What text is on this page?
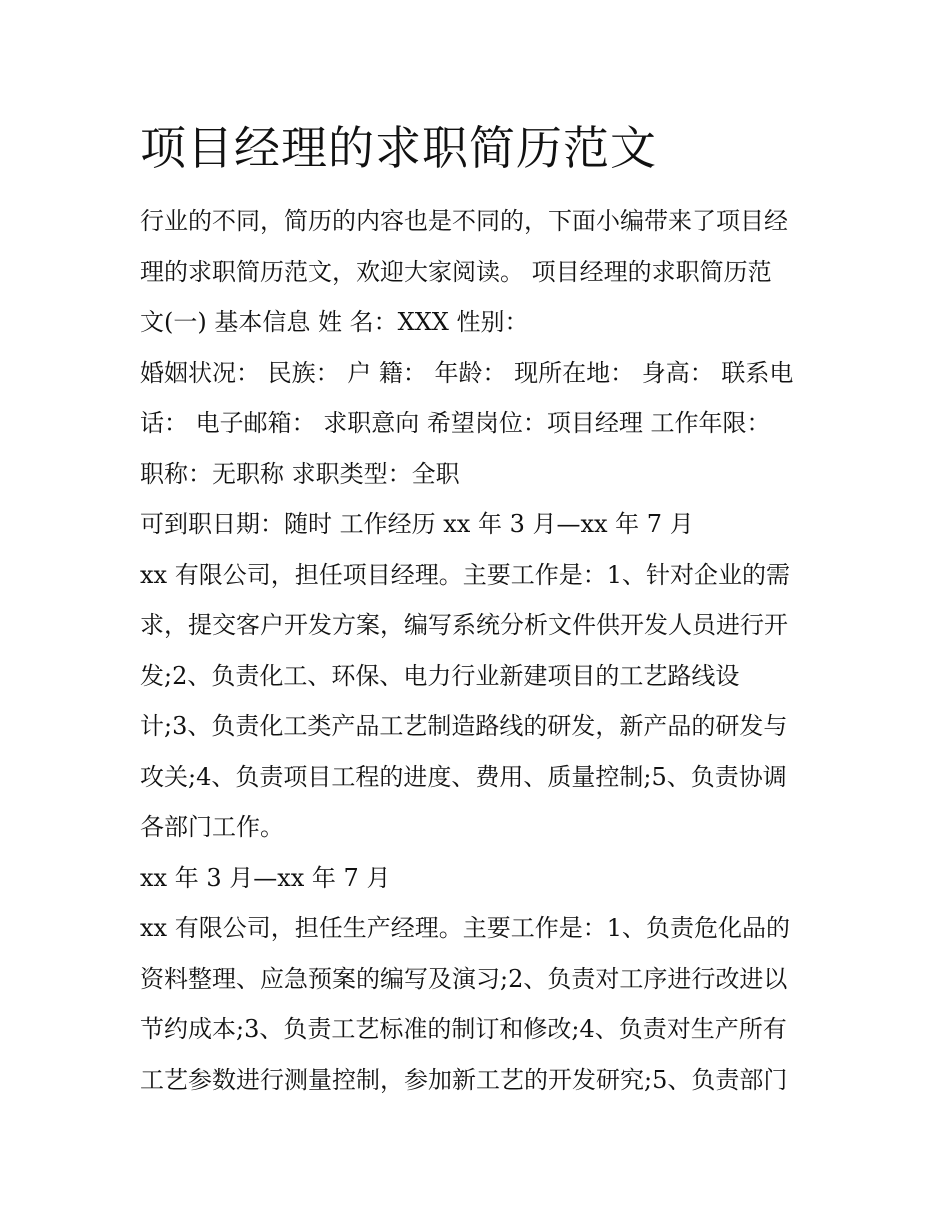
项目经理的求职简历范文
行业的不同，简历的内容也是不同的，下面小编带来了项目经
理的求职简历范文，欢迎大家阅读。 项目经理的求职简历范
文(一) 基本信息 姓 名：XXX 性别：
婚姻状况： 民族： 户 籍： 年龄： 现所在地： 身高： 联系电
话： 电子邮箱： 求职意向 希望岗位：项目经理 工作年限：
职称：无职称 求职类型：全职
可到职日期：随时 工作经历 xx 年 3 月—xx 年 7 月
xx 有限公司，担任项目经理。主要工作是：1、针对企业的需
求，提交客户开发方案，编写系统分析文件供开发人员进行开
发;2、负责化工、环保、电力行业新建项目的工艺路线设
计;3、负责化工类产品工艺制造路线的研发，新产品的研发与
攻关;4、负责项目工程的进度、费用、质量控制;5、负责协调
各部门工作。
xx 年 3 月—xx 年 7 月
xx 有限公司，担任生产经理。主要工作是：1、负责危化品的
资料整理、应急预案的编写及演习;2、负责对工序进行改进以
节约成本;3、负责工艺标准的制订和修改;4、负责对生产所有
工艺参数进行测量控制，参加新工艺的开发研究;5、负责部门
